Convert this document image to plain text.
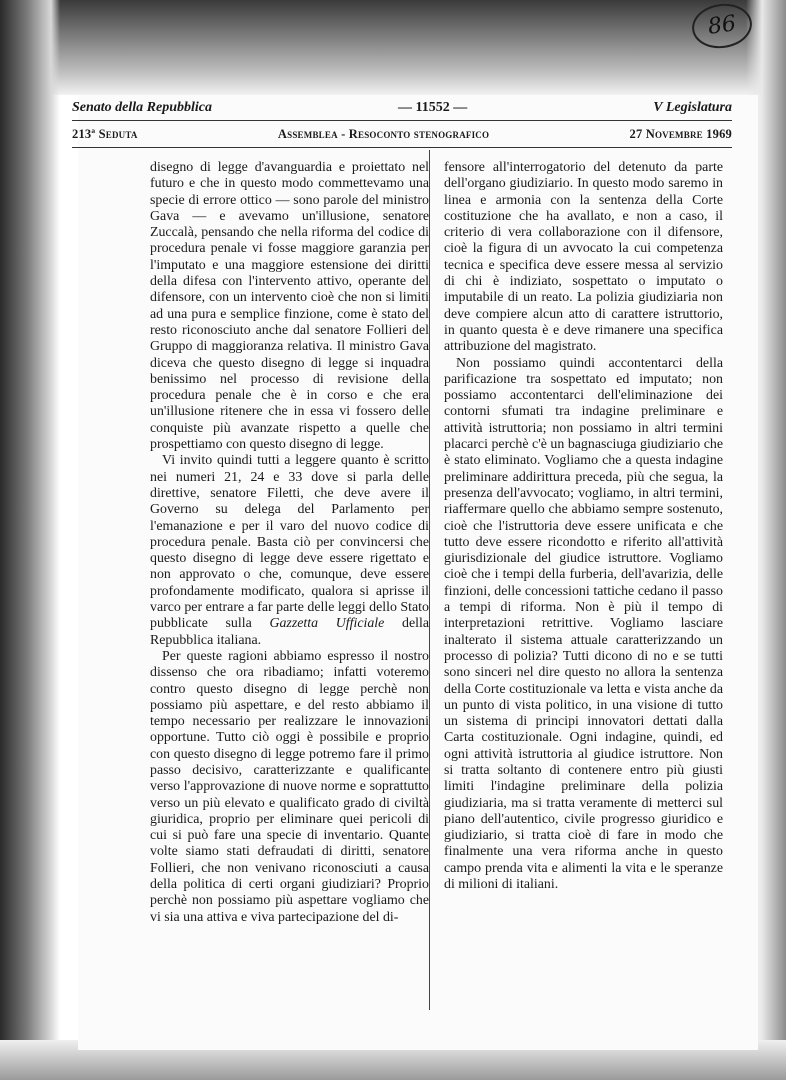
86
Senato della Repubblica	— 11552 —	V Legislatura
213ª Seduta	Assemblea - Resoconto stenografico	27 Novembre 1969

disegno di legge d'avanguardia e proiettato nel futuro e che in questo modo commettevamo una specie di errore ottico — sono parole del ministro Gava — e avevamo un'illusione, senatore Zuccalà, pensando che nella riforma del codice di procedura penale vi fosse maggiore garanzia per l'imputato e una maggiore estensione dei diritti della difesa con l'intervento attivo, operante del difensore, con un intervento cioè che non si limiti ad una pura e semplice finzione, come è stato del resto riconosciuto anche dal senatore Follieri del Gruppo di maggioranza relativa. Il ministro Gava diceva che questo disegno di legge si inquadra benissimo nel processo di revisione della procedura penale che è in corso e che era un'illusione ritenere che in essa vi fossero delle conquiste più avanzate rispetto a quelle che prospettiamo con questo disegno di legge.

Vi invito quindi tutti a leggere quanto è scritto nei numeri 21, 24 e 33 dove si parla delle direttive, senatore Filetti, che deve avere il Governo su delega del Parlamento per l'emanazione e per il varo del nuovo codice di procedura penale. Basta ciò per convincersi che questo disegno di legge deve essere rigettato e non approvato o che, comunque, deve essere profondamente modificato, qualora si aprisse il varco per entrare a far parte delle leggi dello Stato pubblicate sulla Gazzetta Ufficiale della Repubblica italiana.

Per queste ragioni abbiamo espresso il nostro dissenso che ora ribadiamo; infatti voteremo contro questo disegno di legge perchè non possiamo più aspettare, e del resto abbiamo il tempo necessario per realizzare le innovazioni opportune. Tutto ciò oggi è possibile e proprio con questo disegno di legge potremo fare il primo passo decisivo, caratterizzante e qualificante verso l'approvazione di nuove norme e soprattutto verso un più elevato e qualificato grado di civiltà giuridica, proprio per eliminare quei pericoli di cui si può fare una specie di inventario. Quante volte siamo stati defraudati di diritti, senatore Follieri, che non venivano riconosciuti a causa della politica di certi organi giudiziari? Proprio perchè non possiamo più aspettare vogliamo che vi sia una attiva e viva partecipazione del di-

fensore all'interrogatorio del detenuto da parte dell'organo giudiziario. In questo modo saremo in linea e armonia con la sentenza della Corte costituzione che ha avallato, e non a caso, il criterio di vera collaborazione con il difensore, cioè la figura di un avvocato la cui competenza tecnica e specifica deve essere messa al servizio di chi è indiziato, sospettato o imputato o imputabile di un reato. La polizia giudiziaria non deve compiere alcun atto di carattere istruttorio, in quanto questa è e deve rimanere una specifica attribuzione del magistrato.

Non possiamo quindi accontentarci della parificazione tra sospettato ed imputato; non possiamo accontentarci dell'eliminazione dei contorni sfumati tra indagine preliminare e attività istruttoria; non possiamo in altri termini placarci perchè c'è un bagnasciuga giudiziario che è stato eliminato. Vogliamo che a questa indagine preliminare addirittura preceda, più che segua, la presenza dell'avvocato; vogliamo, in altri termini, riaffermare quello che abbiamo sempre sostenuto, cioè che l'istruttoria deve essere unificata e che tutto deve essere ricondotto e riferito all'attività giurisdizionale del giudice istruttore. Vogliamo cioè che i tempi della furberia, dell'avarizia, delle finzioni, delle concessioni tattiche cedano il passo a tempi di riforma. Non è più il tempo di interpretazioni retrittive. Vogliamo lasciare inalterato il sistema attuale caratterizzando un processo di polizia? Tutti dicono di no e se tutti sono sinceri nel dire questo no allora la sentenza della Corte costituzionale va letta e vista anche da un punto di vista politico, in una visione di tutto un sistema di principi innovatori dettati dalla Carta costituzionale. Ogni indagine, quindi, ed ogni attività istruttoria al giudice istruttore. Non si tratta soltanto di contenere entro più giusti limiti l'indagine preliminare della polizia giudiziaria, ma si tratta veramente di metterci sul piano dell'autentico, civile progresso giuridico e giudiziario, si tratta cioè di fare in modo che finalmente una vera riforma anche in questo campo prenda vita e alimenti la vita e le speranze di milioni di italiani.
